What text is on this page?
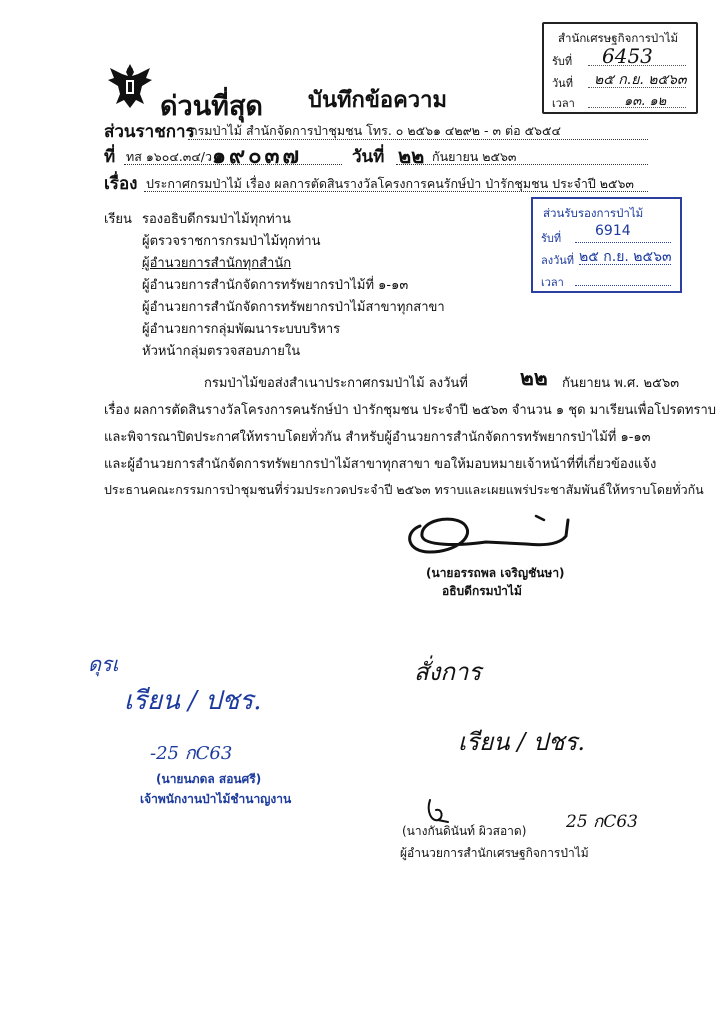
สำนักเศรษฐกิจการป่าไม้
รับที่ 6453
วันที่ ๒๕ ก.ย. ๒๕๖๓
เวลา	๑๓. ๑๒
ด่วนที่สุด บันทึกข้อความ
ส่วนราชการ
กรมป่าไม้ สำนักจัดการป่าชุมชน โทร. ๐ ๒๕๖๑ ๔๒๙๒ - ๓ ต่อ ๕๖๕๔
ที่ ทส ๑๖๐๔.๓๔/ว ๑๙๐๓๗	วันที่ ๒๒ กันยายน ๒๕๖๓
เรื่อง ประกาศกรมป่าไม้ เรื่อง ผลการตัดสินรางวัลโครงการคนรักษ์ป่า ป่ารักชุมชน ประจำปี ๒๕๖๓
เรียน รองอธิบดีกรมป่าไม้ทุกท่าน
ผู้ตรวจราชการกรมป่าไม้ทุกท่าน
ผู้อำนวยการสำนักทุกสำนัก
ผู้อำนวยการสำนักจัดการทรัพยากรป่าไม้ที่ ๑-๑๓
ผู้อำนวยการสำนักจัดการทรัพยากรป่าไม้สาขาทุกสาขา
ผู้อำนวยการกลุ่มพัฒนาระบบบริหาร
หัวหน้ากลุ่มตรวจสอบภายใน
ส่วนรับรองการป่าไม้
รับที่ 6914
ลงวันที่ ๒๕ ก.ย. ๒๕๖๓
เวลา
กรมป่าไม้ขอส่งสำเนาประกาศกรมป่าไม้ ลงวันที่ ๒๒ กันยายน พ.ศ. ๒๕๖๓
เรื่อง ผลการตัดสินรางวัลโครงการคนรักษ์ป่า ป่ารักชุมชน ประจำปี ๒๕๖๓ จำนวน ๑ ชุด มาเรียนเพื่อโปรดทราบ
และพิจารณาปิดประกาศให้ทราบโดยทั่วกัน สำหรับผู้อำนวยการสำนักจัดการทรัพยากรป่าไม้ที่ ๑-๑๓
และผู้อำนวยการสำนักจัดการทรัพยากรป่าไม้สาขาทุกสาขา ขอให้มอบหมายเจ้าหน้าที่ที่เกี่ยวข้องแจ้ง
ประธานคณะกรรมการป่าชุมชนที่ร่วมประกวดประจำปี ๒๕๖๓ ทราบและเผยแพร่ประชาสัมพันธ์ให้ทราบโดยทั่วกัน
(นายอรรถพล เจริญชันษา)
อธิบดีกรมป่าไม้
ดุรเ
เรียน / ปชร.
-25 กC63
(นายนภดล สอนศรี)
เจ้าพนักงานป่าไม้ชำนาญงาน
สั่งการ
เรียน / ปชร.
25 กC63
(นางกันดินันท์ ผิวสอาด)
ผู้อำนวยการสำนักเศรษฐกิจการป่าไม้
